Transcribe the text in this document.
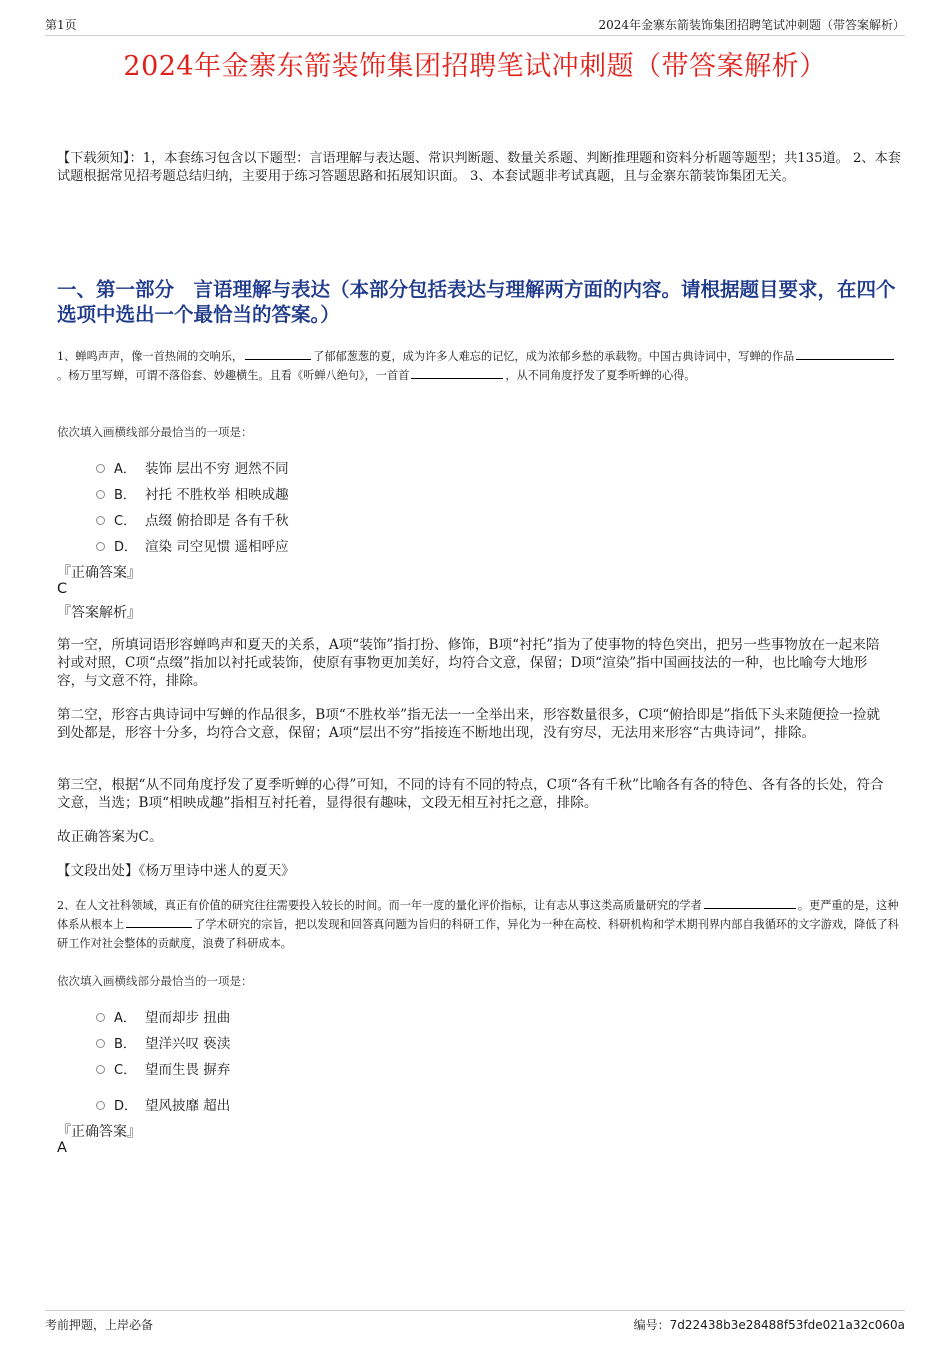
第1页	2024年金寨东箭装饰集团招聘笔试冲刺题（带答案解析）
2024年金寨东箭装饰集团招聘笔试冲刺题（带答案解析）

【下载须知】：1，本套练习包含以下题型：言语理解与表达题、常识判断题、数量关系题、判断推理题和资料分析题等题型；共135道。 2、本套试题根据常见招考题总结归纳，主要用于练习答题思路和拓展知识面。 3、本套试题非考试真题，且与金寨东箭装饰集团无关。

一、第一部分　言语理解与表达（本部分包括表达与理解两方面的内容。请根据题目要求，在四个选项中选出一个最恰当的答案。）

1、蝉鸣声声，像一首热闹的交响乐，	了郁郁葱葱的夏，成为许多人难忘的记忆，成为浓郁乡愁的承载物。中国古典诗词中，写蝉的作品。杨万里写蝉，可谓不落俗套、妙趣横生。且看《听蝉八绝句》，一首首	，从不同角度抒发了夏季听蝉的心得。

依次填入画横线部分最恰当的一项是：

A． 装饰 层出不穷 迥然不同
B． 衬托 不胜枚举 相映成趣
C． 点缀 俯拾即是 各有千秋
D． 渲染 司空见惯 遥相呼应

『正确答案』

C

『答案解析』

第一空，所填词语形容蝉鸣声和夏天的关系，A项“装饰”指打扮、修饰，B项“衬托”指为了使事物的特色突出，把另一些事物放在一起来陪衬或对照，C项“点缀”指加以衬托或装饰，使原有事物更加美好，均符合文意，保留；D项“渲染”指中国画技法的一种，也比喻夸大地形容，与文意不符，排除。

第二空，形容古典诗词中写蝉的作品很多，B项“不胜枚举”指无法一一全举出来，形容数量很多，C项“俯拾即是”指低下头来随便捡一捡就到处都是，形容十分多，均符合文意，保留；A项“层出不穷”指接连不断地出现，没有穷尽，无法用来形容“古典诗词”，排除。

第三空，根据“从不同角度抒发了夏季听蝉的心得”可知，不同的诗有不同的特点，C项“各有千秋”比喻各有各的特色、各有各的长处，符合文意，当选；B项“相映成趣”指相互衬托着，显得很有趣味，文段无相互衬托之意，排除。

故正确答案为C。

【文段出处】《杨万里诗中迷人的夏天》

2、在人文社科领域，真正有价值的研究往往需要投入较长的时间。而一年一度的量化评价指标，让有志从事这类高质量研究的学者	。更严重的是，这种体系从根本上	了学术研究的宗旨，把以发现和回答真问题为旨归的科研工作，异化为一种在高校、科研机构和学术期刊界内部自我循环的文字游戏，降低了科研工作对社会整体的贡献度，浪费了科研成本。

依次填入画横线部分最恰当的一项是：

A． 望而却步 扭曲
B． 望洋兴叹 亵渎
C． 望而生畏 摒弃
D． 望风披靡 超出

『正确答案』

A

考前押题，上岸必备	编号：7d22438b3e28488f53fde021a32c060a
